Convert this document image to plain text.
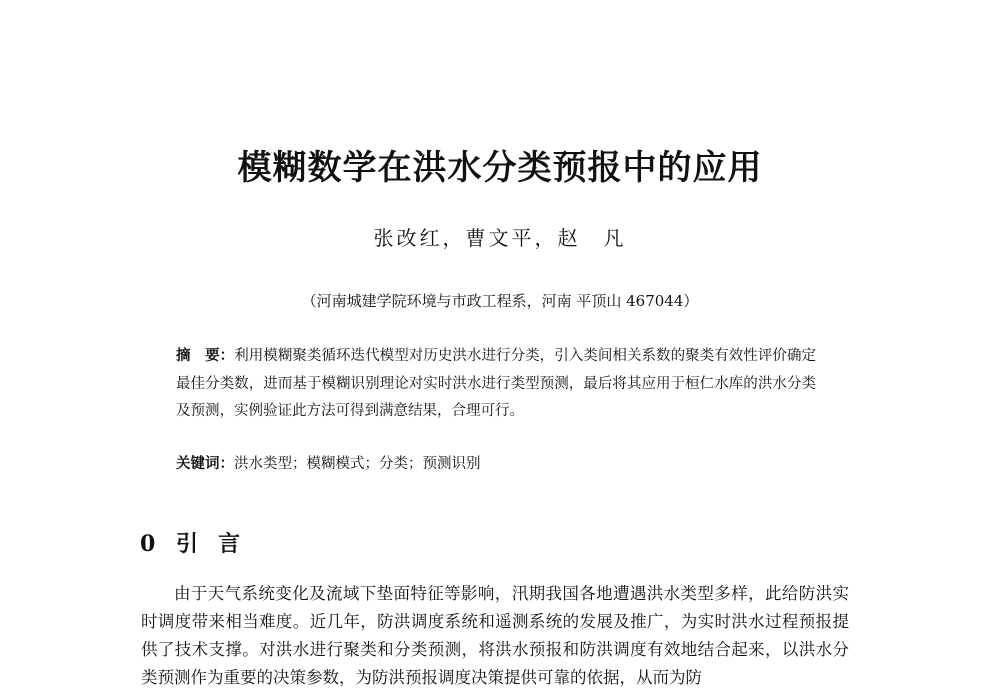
模糊数学在洪水分类预报中的应用

张改红，曹文平，赵　凡

（河南城建学院环境与市政工程系，河南 平顶山 467044）

摘　要：利用模糊聚类循环迭代模型对历史洪水进行分类，引入类间相关系数的聚类有效性评价确定最佳分类数，进而基于模糊识别理论对实时洪水进行类型预测，最后将其应用于桓仁水库的洪水分类及预测，实例验证此方法可得到满意结果，合理可行。

关键词：洪水类型；模糊模式；分类；预测识别

0 引言

由于天气系统变化及流域下垫面特征等影响，汛期我国各地遭遇洪水类型多样，此给防洪实时调度带来相当难度。近几年，防洪调度系统和遥测系统的发展及推广，为实时洪水过程预报提供了技术支撑。对洪水进行聚类和分类预测，将洪水预报和防洪调度有效地结合起来，以洪水分类预测作为重要的决策参数，为防洪预报调度决策提供可靠的依据，从而为防
